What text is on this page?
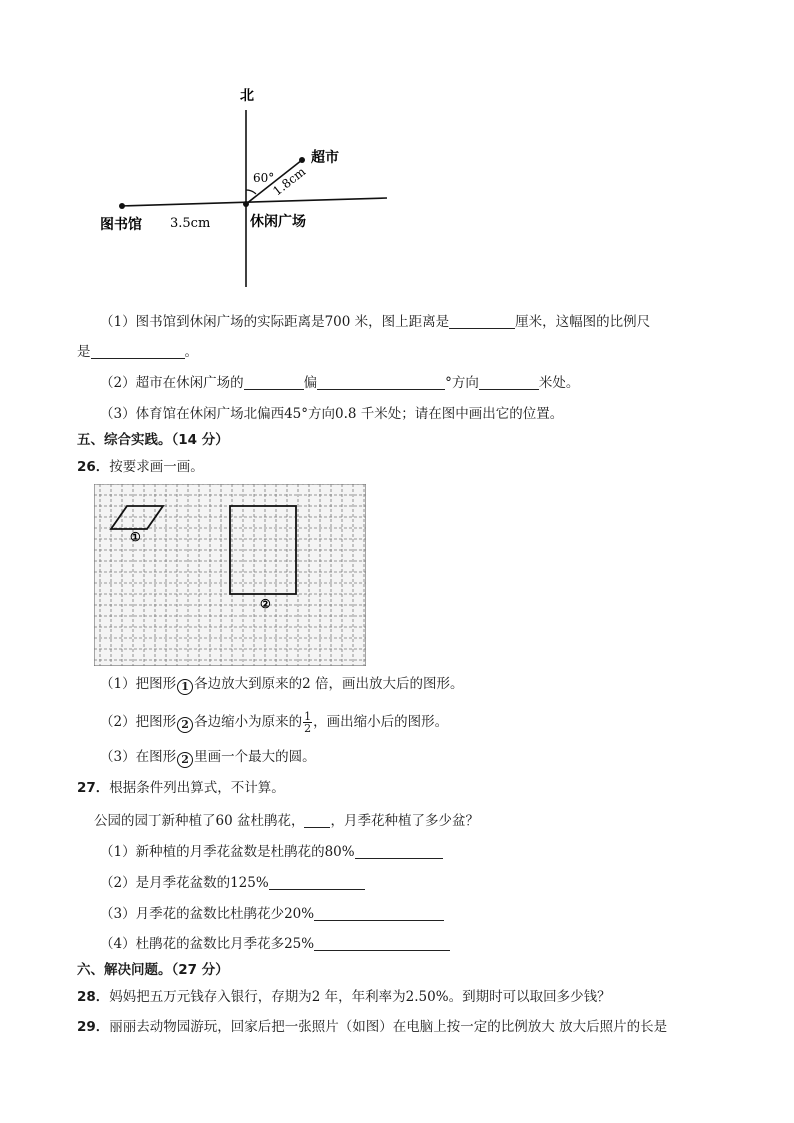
北
超市
60°
1.8cm
图书馆 3.5cm	休闲广场
（1）图书馆到休闲广场的实际距离是700 米，图上距离是	厘米，这幅图的比例尺
是	。
（2）超市在休闲广场的	偏	°方向	米处。
（3）体育馆在休闲广场北偏西45°方向0.8 千米处；请在图中画出它的位置。
五、综合实践。（14 分）
26．按要求画一画。
①
②
（1）把图形 1 各边放大到原来的2 倍，画出放大后的图形。
（2）把图形 2 各边缩小为原来的 $\frac{1}{2}$ ，画出缩小后的图形。
（3）在图形 2 里画一个最大的圆。
27．根据条件列出算式，不计算。
公园的园丁新种植了60 盆杜鹃花， ，月季花种植了多少盆？
（1）新种植的月季花盆数是杜鹃花的80%
（2）是月季花盆数的125%
（3）月季花的盆数比杜鹃花少20%
（4）杜鹃花的盆数比月季花多25%
六、解决问题。（27 分）
28．妈妈把五万元钱存入银行，存期为2 年，年利率为2.50%。到期时可以取回多少钱？
29．丽丽去动物园游玩，回家后把一张照片（如图）在电脑上按一定的比例放大 放大后照片的长是
